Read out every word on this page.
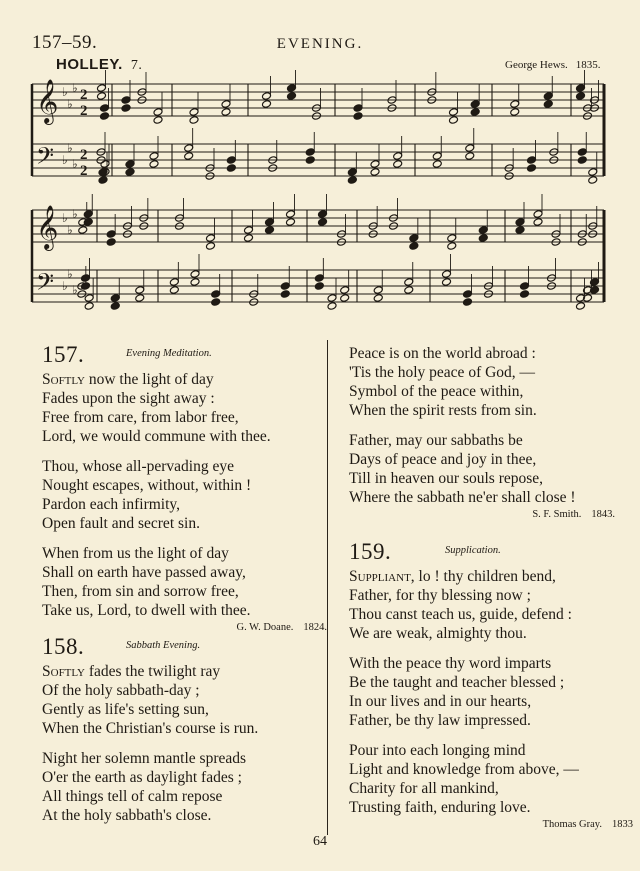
157–59.	EVENING.
HOLLEY. 7.	George Hews. 1835.
𝄞 ♭
♭
♭ 2
2
𝄢 ♭
♭
♭
2
2
𝄞 ♭
♭
♭
𝄢 ♭
♭
♭
157.	$^{Evening Meditation.}$
Softly now the light of day
Fades upon the sight away :
Free from care, from labor free,
Lord, we would commune with thee.
Thou, whose all-pervading eye
Nought escapes, without, within !
Pardon each infirmity,
Open fault and secret sin.
When from us the light of day
Shall on earth have passed away,
Then, from sin and sorrow free,
Take us, Lord, to dwell with thee.
G. W. Doane. 1824.
158.	$^{Sabbath Evening.}$
Softly fades the twilight ray
Of the holy sabbath-day ;
Gently as life's setting sun,
When the Christian's course is run.
Night her solemn mantle spreads
O'er the earth as daylight fades ;
All things tell of calm repose
At the holy sabbath's close.
Peace is on the world abroad :
'Tis the holy peace of God, —
Symbol of the peace within,
When the spirit rests from sin.
Father, may our sabbaths be
Days of peace and joy in thee,
Till in heaven our souls repose,
Where the sabbath ne'er shall close !
S. F. Smith. 1843.
159.	$^{Supplication.}$
Suppliant, lo ! thy children bend,
Father, for thy blessing now ;
Thou canst teach us, guide, defend :
We are weak, almighty thou.
With the peace thy word imparts
Be the taught and teacher blessed ;
In our lives and in our hearts,
Father, be thy law impressed.
Pour into each longing mind
Light and knowledge from above, —
Charity for all mankind,
Trusting faith, enduring love.
Thomas Gray. 1833
64
